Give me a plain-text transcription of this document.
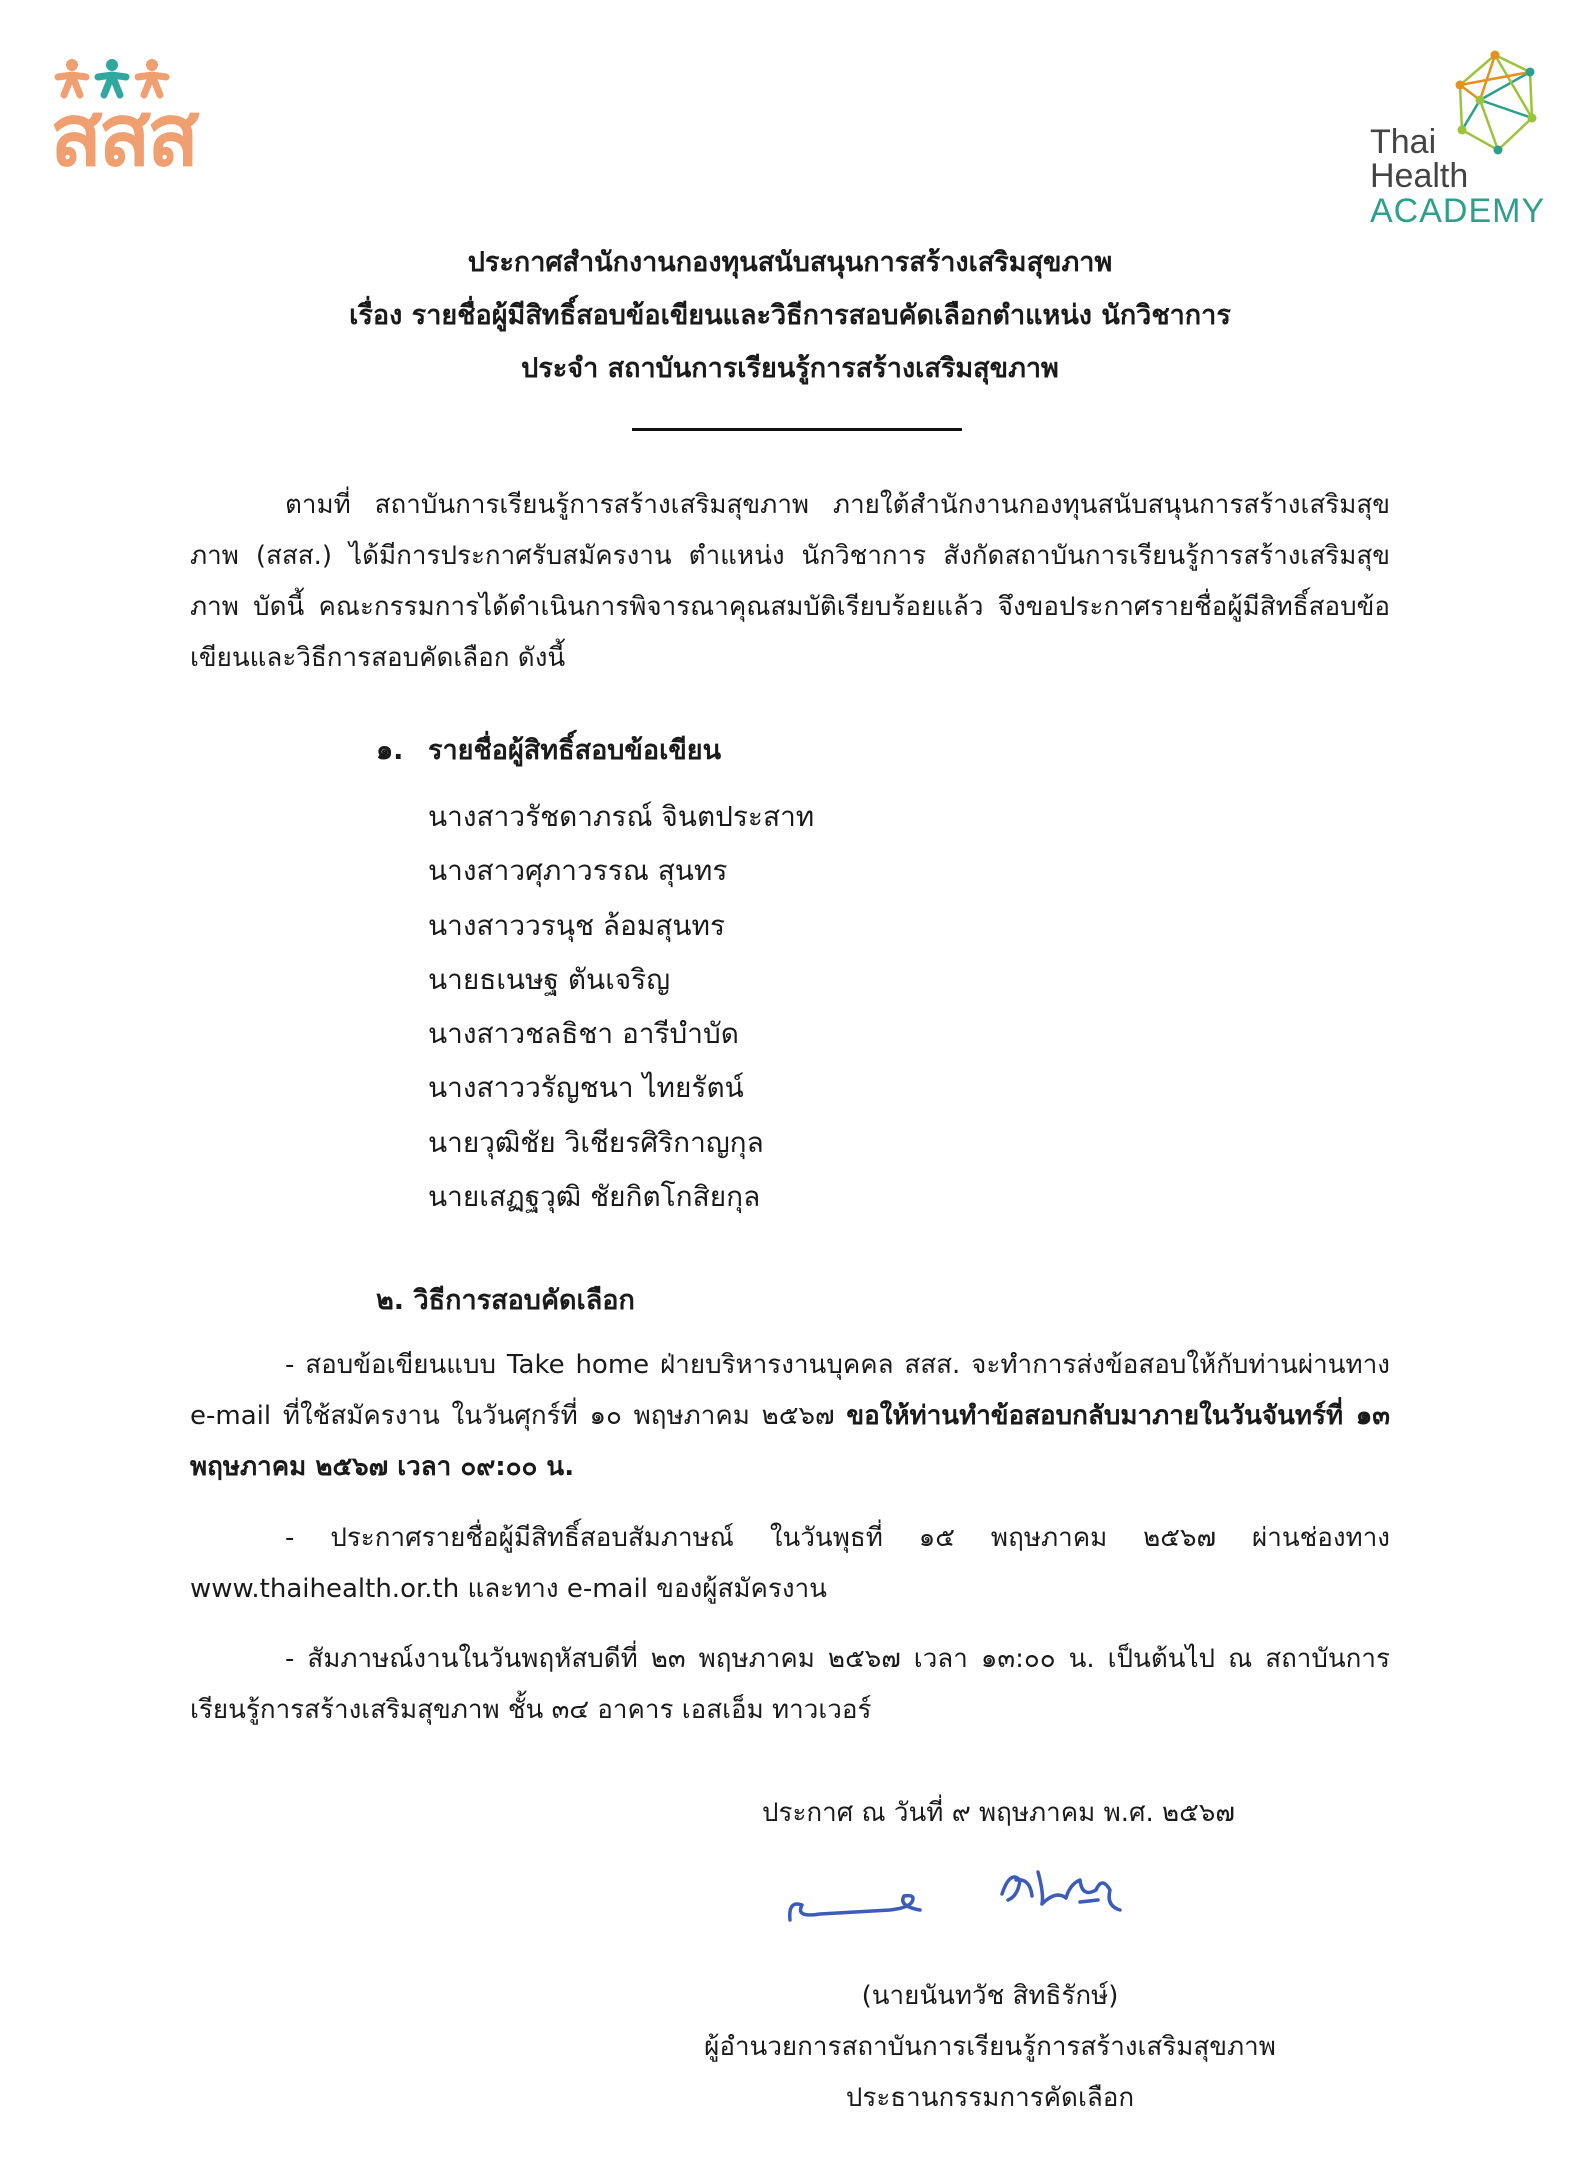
สสส	Thai
Health
ACADEMY
ประกาศสำนักงานกองทุนสนับสนุนการสร้างเสริมสุขภาพ
เรื่อง รายชื่อผู้มีสิทธิ์สอบข้อเขียนและวิธีการสอบคัดเลือกตำแหน่ง นักวิชาการ
ประจำ สถาบันการเรียนรู้การสร้างเสริมสุขภาพ
ตามที่ สถาบันการเรียนรู้การสร้างเสริมสุขภาพ ภายใต้สำนักงานกองทุนสนับสนุนการสร้างเสริมสุขภาพ (สสส.) ได้มีการประกาศรับสมัครงาน ตำแหน่ง นักวิชาการ สังกัดสถาบันการเรียนรู้การสร้างเสริมสุขภาพ บัดนี้ คณะกรรมการได้ดำเนินการพิจารณาคุณสมบัติเรียบร้อยแล้ว จึงขอประกาศรายชื่อผู้มีสิทธิ์สอบข้อเขียนและวิธีการสอบคัดเลือก ดังนี้
๑. รายชื่อผู้สิทธิ์สอบข้อเขียน
นางสาวรัชดาภรณ์ จินตประสาท
นางสาวศุภาวรรณ สุนทร
นางสาววรนุช ล้อมสุนทร
นายธเนษฐ ตันเจริญ
นางสาวชลธิชา อารีบำบัด
นางสาววรัญชนา ไทยรัตน์
นายวุฒิชัย วิเชียรศิริกาญกุล
นายเสฏฐวุฒิ ชัยกิตโกสิยกุล
๒. วิธีการสอบคัดเลือก
- สอบข้อเขียนแบบ Take home ฝ่ายบริหารงานบุคคล สสส. จะทำการส่งข้อสอบให้กับท่านผ่านทาง e-mail ที่ใช้สมัครงาน ในวันศุกร์ที่ ๑๐ พฤษภาคม ๒๕๖๗ ขอให้ท่านทำข้อสอบกลับมาภายในวันจันทร์ที่ ๑๓ พฤษภาคม ๒๕๖๗ เวลา ๐๙:๐๐ น.
- ประกาศรายชื่อผู้มีสิทธิ์สอบสัมภาษณ์ ในวันพุธที่ ๑๕ พฤษภาคม ๒๕๖๗ ผ่านช่องทาง www.thaihealth.or.th และทาง e-mail ของผู้สมัครงาน
- สัมภาษณ์งานในวันพฤหัสบดีที่ ๒๓ พฤษภาคม ๒๕๖๗ เวลา ๑๓:๐๐ น. เป็นต้นไป ณ สถาบันการเรียนรู้การสร้างเสริมสุขภาพ ชั้น ๓๔ อาคาร เอสเอ็ม ทาวเวอร์
ประกาศ ณ วันที่ ๙ พฤษภาคม พ.ศ. ๒๕๖๗
(นายนันทวัช สิทธิรักษ์)
ผู้อำนวยการสถาบันการเรียนรู้การสร้างเสริมสุขภาพ
ประธานกรรมการคัดเลือก
